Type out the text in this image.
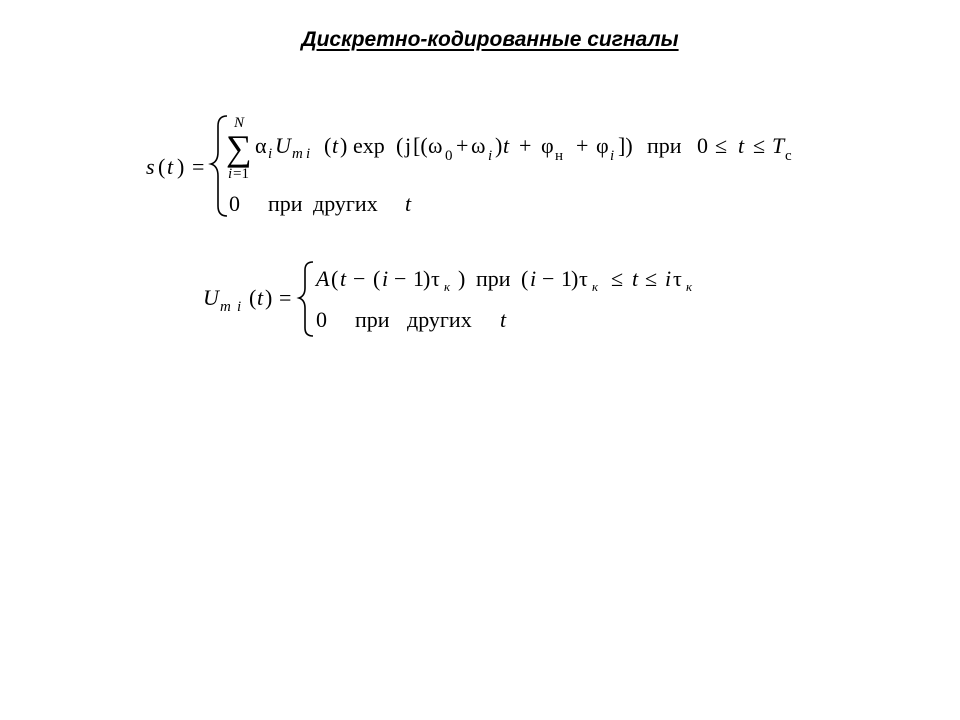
Дискретно-кодированные сигналы
s ( t ) =
N
∑
i =1
α i U m i ( t ) exp ( j [( ω 0 + ω i ) t + φ н + φ i ]) при 0 ≤ t ≤ T с
0 при других t
U m i ( t ) =
A ( t − ( i − 1 ) τ к ) при ( i − 1 ) τ к ≤ t ≤ i τ к
0 при других t
